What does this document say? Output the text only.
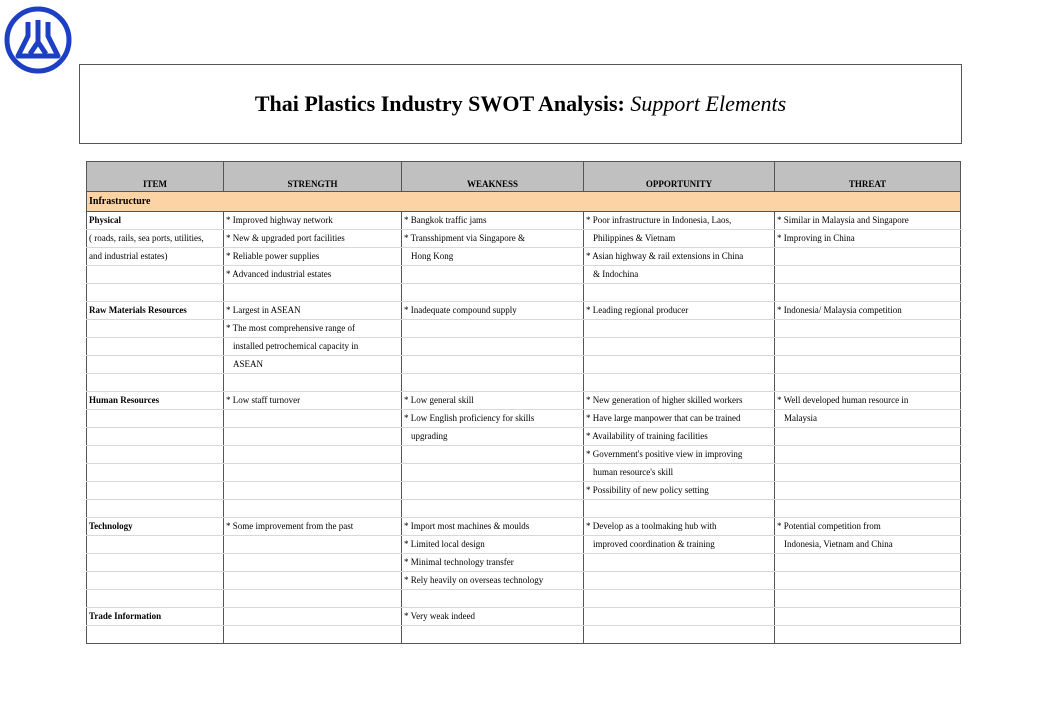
Thai Plastics Industry SWOT Analysis: Support Elements
ITEM	STRENGTH	WEAKNESS	OPPORTUNITY	THREAT
Infrastructure				
Physical	* Improved highway network	* Bangkok traffic jams	* Poor infrastructure in Indonesia, Laos,	* Similar in Malaysia and Singapore
( roads, rails, sea ports, utilities,	* New & upgraded port facilities	* Transshipment via Singapore &	Philippines & Vietnam	* Improving in China
and industrial estates)	* Reliable power supplies	Hong Kong	* Asian highway & rail extensions in China	
	* Advanced industrial estates		& Indochina	

Raw Materials Resources	* Largest in ASEAN	* Inadequate compound supply	* Leading regional producer	* Indonesia/ Malaysia competition
	* The most comprehensive range of			
	installed petrochemical capacity in			
	ASEAN			

Human Resources	* Low staff turnover	* Low general skill	* New generation of higher skilled workers	* Well developed human resource in
		* Low English proficiency for skills	* Have large manpower that can be trained	Malaysia
		upgrading	* Availability of training facilities	
			* Government's positive view in improving	
			human resource's skill	
			* Possibility of new policy setting	

Technology	* Some improvement from the past	* Import most machines & moulds	* Develop as a toolmaking hub with	* Potential competition from
		* Limited local design	improved coordination & training	Indonesia, Vietnam and China
		* Minimal technology transfer		
		* Rely heavily on overseas technology		

Trade Information		* Very weak indeed		
